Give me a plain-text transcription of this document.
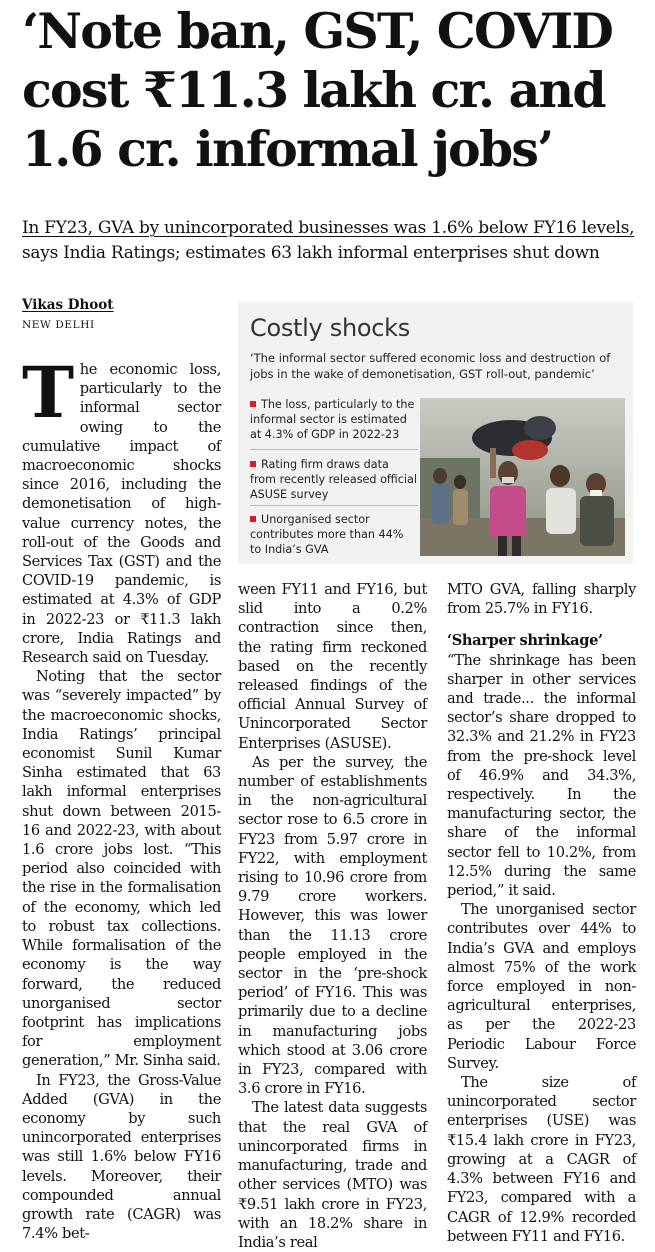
‘Note ban, GST, COVID
cost ₹11.3 lakh cr. and
1.6 cr. informal jobs’

In FY23, GVA by unincorporated businesses was 1.6% below FY16 levels,
says India Ratings; estimates 63 lakh informal enterprises shut down

Vikas Dhoot
NEW DELHI

The economic loss, particularly to the informal sector owing to the cumulative impact of macroeconomic shocks since 2016, including the demonetisation of high-value currency notes, the roll-out of the Goods and Services Tax (GST) and the COVID-19 pandemic, is estimated at 4.3% of GDP in 2022-23 or ₹11.3 lakh crore, India Ratings and Research said on Tuesday.

Noting that the sector was “severely impacted” by the macroeconomic shocks, India Ratings’ principal economist Sunil Kumar Sinha estimated that 63 lakh informal enterprises shut down between 2015-16 and 2022-23, with about 1.6 crore jobs lost. “This period also coincided with the rise in the formalisation of the economy, which led to robust tax collections. While formalisation of the economy is the way forward, the reduced unorganised sector footprint has implications for employment generation,” Mr. Sinha said.

In FY23, the Gross-Value Added (GVA) in the economy by such unincorporated enterprises was still 1.6% below FY16 levels. Moreover, their compounded annual growth rate (CAGR) was 7.4% bet-

Costly shocks
‘The informal sector suffered economic loss and destruction of jobs in the wake of demonetisation, GST roll-out, pandemic’
The loss, particularly to the informal sector is estimated at 4.3% of GDP in 2022-23
Rating firm draws data from recently released official ASUSE survey
Unorganised sector contributes more than 44% to India’s GVA

ween FY11 and FY16, but slid into a 0.2% contraction since then, the rating firm reckoned based on the recently released findings of the official Annual Survey of Unincorporated Sector Enterprises (ASUSE).

As per the survey, the number of establishments in the non-agricultural sector rose to 6.5 crore in FY23 from 5.97 crore in FY22, with employment rising to 10.96 crore from 9.79 crore workers. However, this was lower than the 11.13 crore people employed in the sector in the ‘pre-shock period’ of FY16. This was primarily due to a decline in manufacturing jobs which stood at 3.06 crore in FY23, compared with 3.6 crore in FY16.

The latest data suggests that the real GVA of unincorporated firms in manufacturing, trade and other services (MTO) was ₹9.51 lakh crore in FY23, with an 18.2% share in India’s real

MTO GVA, falling sharply from 25.7% in FY16.

‘Sharper shrinkage’

“The shrinkage has been sharper in other services and trade... the informal sector’s share dropped to 32.3% and 21.2% in FY23 from the pre-shock level of 46.9% and 34.3%, respectively. In the manufacturing sector, the share of the informal sector fell to 10.2%, from 12.5% during the same period,” it said.

The unorganised sector contributes over 44% to India’s GVA and employs almost 75% of the work force employed in non-agricultural enterprises, as per the 2022-23 Periodic Labour Force Survey.

The size of unincorporated sector enterprises (USE) was ₹15.4 lakh crore in FY23, growing at a CAGR of 4.3% between FY16 and FY23, compared with a CAGR of 12.9% recorded between FY11 and FY16.
